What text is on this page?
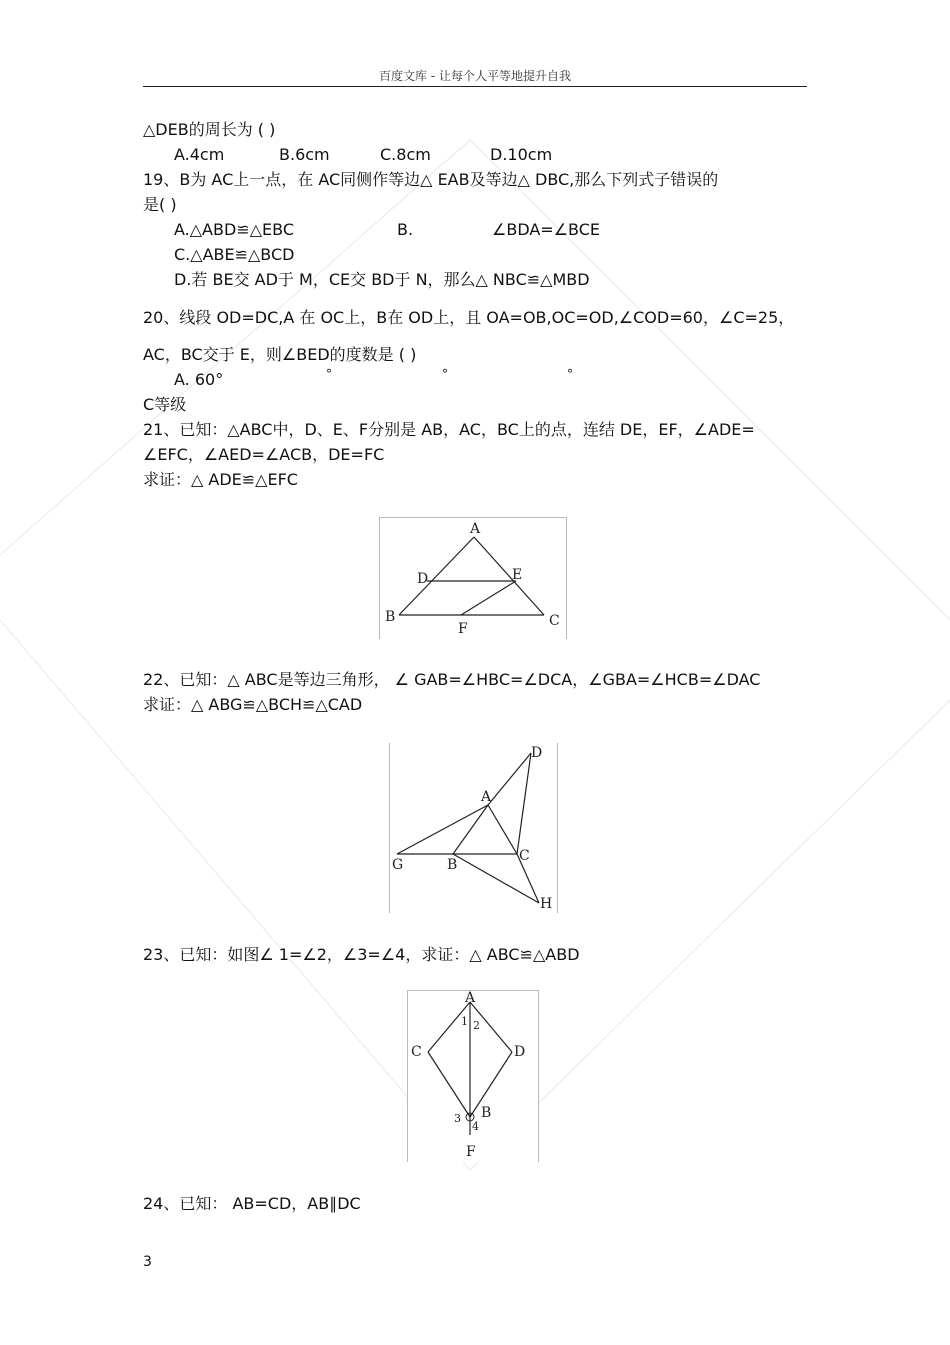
百度文库 - 让每个人平等地提升自我
△DEB的周长为 ( )
A.4cm	B.6cm	C.8cm	D.10cm
19、B为 AC上一点，在 AC同侧作等边△ EAB及等边△ DBC,那么下列式子错误的
是( )
A.△ABD≌△EBC	B.	∠BDA=∠BCE
C.△ABE≌△BCD
D.若 BE交 AD于 M，CE交 BD于 N，那么△ NBC≌△MBD
20、线段 OD=DC,A 在 OC上，B在 OD上，且 OA=OB,OC=OD,∠COD=60，∠C=25，
AC，BC交于 E，则∠BED的度数是 ( )
A. 60°	°	°	°
C等级
21、已知：△ABC中，D、E、F分别是 AB，AC，BC上的点，连结 DE，EF，∠ADE=
∠EFC，∠AED=∠ACB，DE=FC
求证：△ ADE≌△EFC
A
D	E
B	C
F
22、已知：△ ABC是等边三角形， ∠ GAB=∠HBC=∠DCA，∠GBA=∠HCB=∠DAC
求证：△ ABG≌△BCH≌△CAD
A
D
G	B
C
H
23、已知：如图∠ 1=∠2，∠3=∠4，求证：△ ABC≌△ABD
A
1 2
C	D
B
3
4
F
24、已知： AB=CD，AB∥DC
3
